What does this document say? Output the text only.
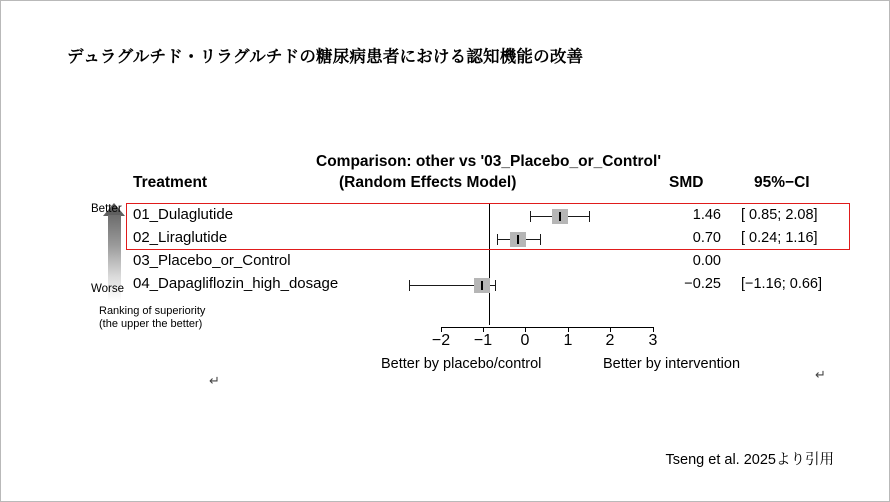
デュラグルチド・リラグルチドの糖尿病患者における認知機能の改善
Comparison: other vs '03_Placebo_or_Control'
(Random Effects Model)
Treatment	SMD	95%−CI
01_Dulaglutide	1.46 [ 0.85; 2.08]
02_Liraglutide	0.70 [ 0.24; 1.16]
03_Placebo_or_Control	0.00
04_Dapagliflozin_high_dosage	−0.25 [−1.16; 0.66]
−2 −1 0 1 2 3
Better by placebo/control	Better by intervention
Better
Worse
Ranking of superiority
(the upper the better)
↵	↵
Tseng et al. 2025より引用
